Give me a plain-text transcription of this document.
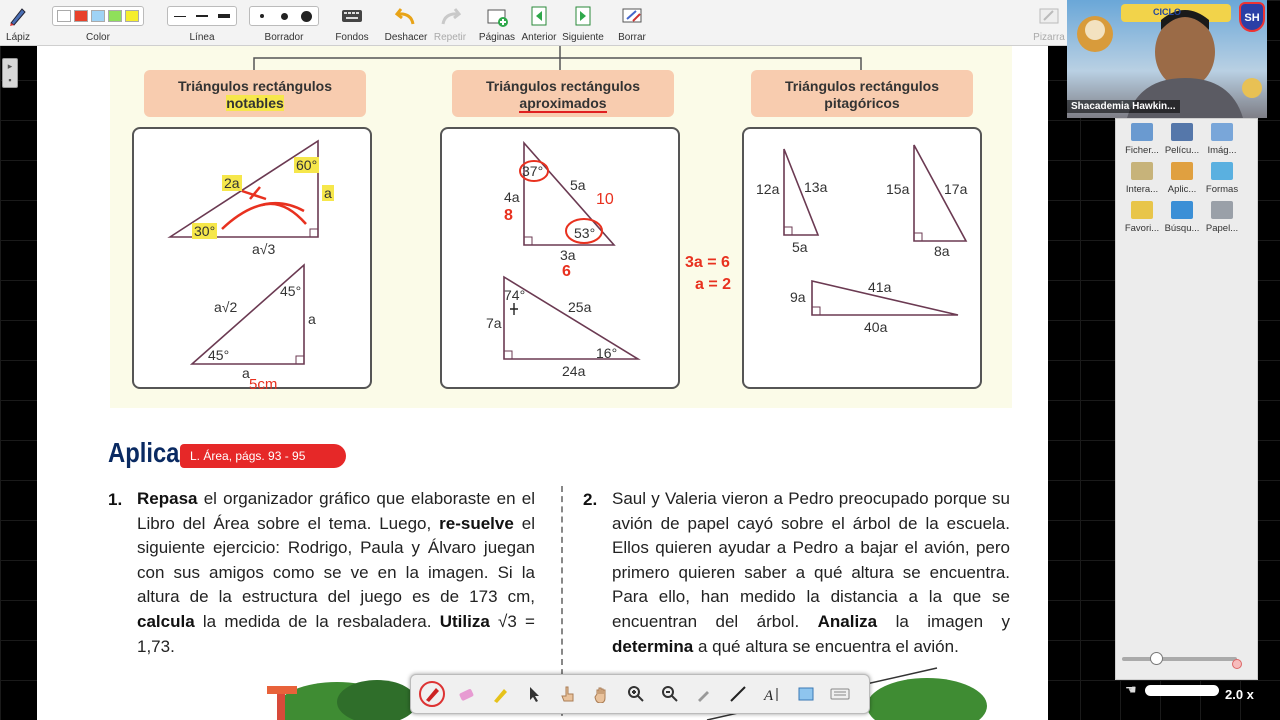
Lápiz	Color	Línea	Borrador	Fondos	Deshacer Repetir Páginas Anterior Siguiente	Borrar	Pizarra
▸
▪	Triángulos rectángulos
notables
Triángulos rectángulos
aproximados
Triángulos rectángulos
pitagóricos
2a
60°
a
30°
a√3
a√2
45°
a
45°
a
5cm
37°
4a
5a
53°
3a
74°
7a
25a
16°
24a
8
10
6
3a = 6
a = 2
12a 13a
5a
15a 17a
8a
9a
41a
40a
Aplica L. Área, págs. 93 - 95
1. Repasa el organizador gráfico que elaboraste en el Libro del Área sobre el tema. Luego, re-suelve el siguiente ejercicio: Rodrigo, Paula y Álvaro juegan con sus amigos como se ve en la imagen. Si la altura de la estructura del juego es de 173 cm, calcula la medida de la resbaladera. Utiliza √3 = 1,73.
2. Saul y Valeria vieron a Pedro preocupado porque su avión de papel cayó sobre el árbol de la escuela. Ellos quieren ayudar a Pedro a bajar el avión, pero primero quieren saber a qué altura se encuentra. Para ello, han medido la distancia a la que se encuentran del árbol. Analiza la imagen y determina a qué altura se encuentra el avión.
A
CICLO	SH
Shacademia Hawkin...
Ficher... Pelícu... Imág...
Intera...	Aplic...	Formas
Favori... Búsqu... Papel...
☚	2.0 x
